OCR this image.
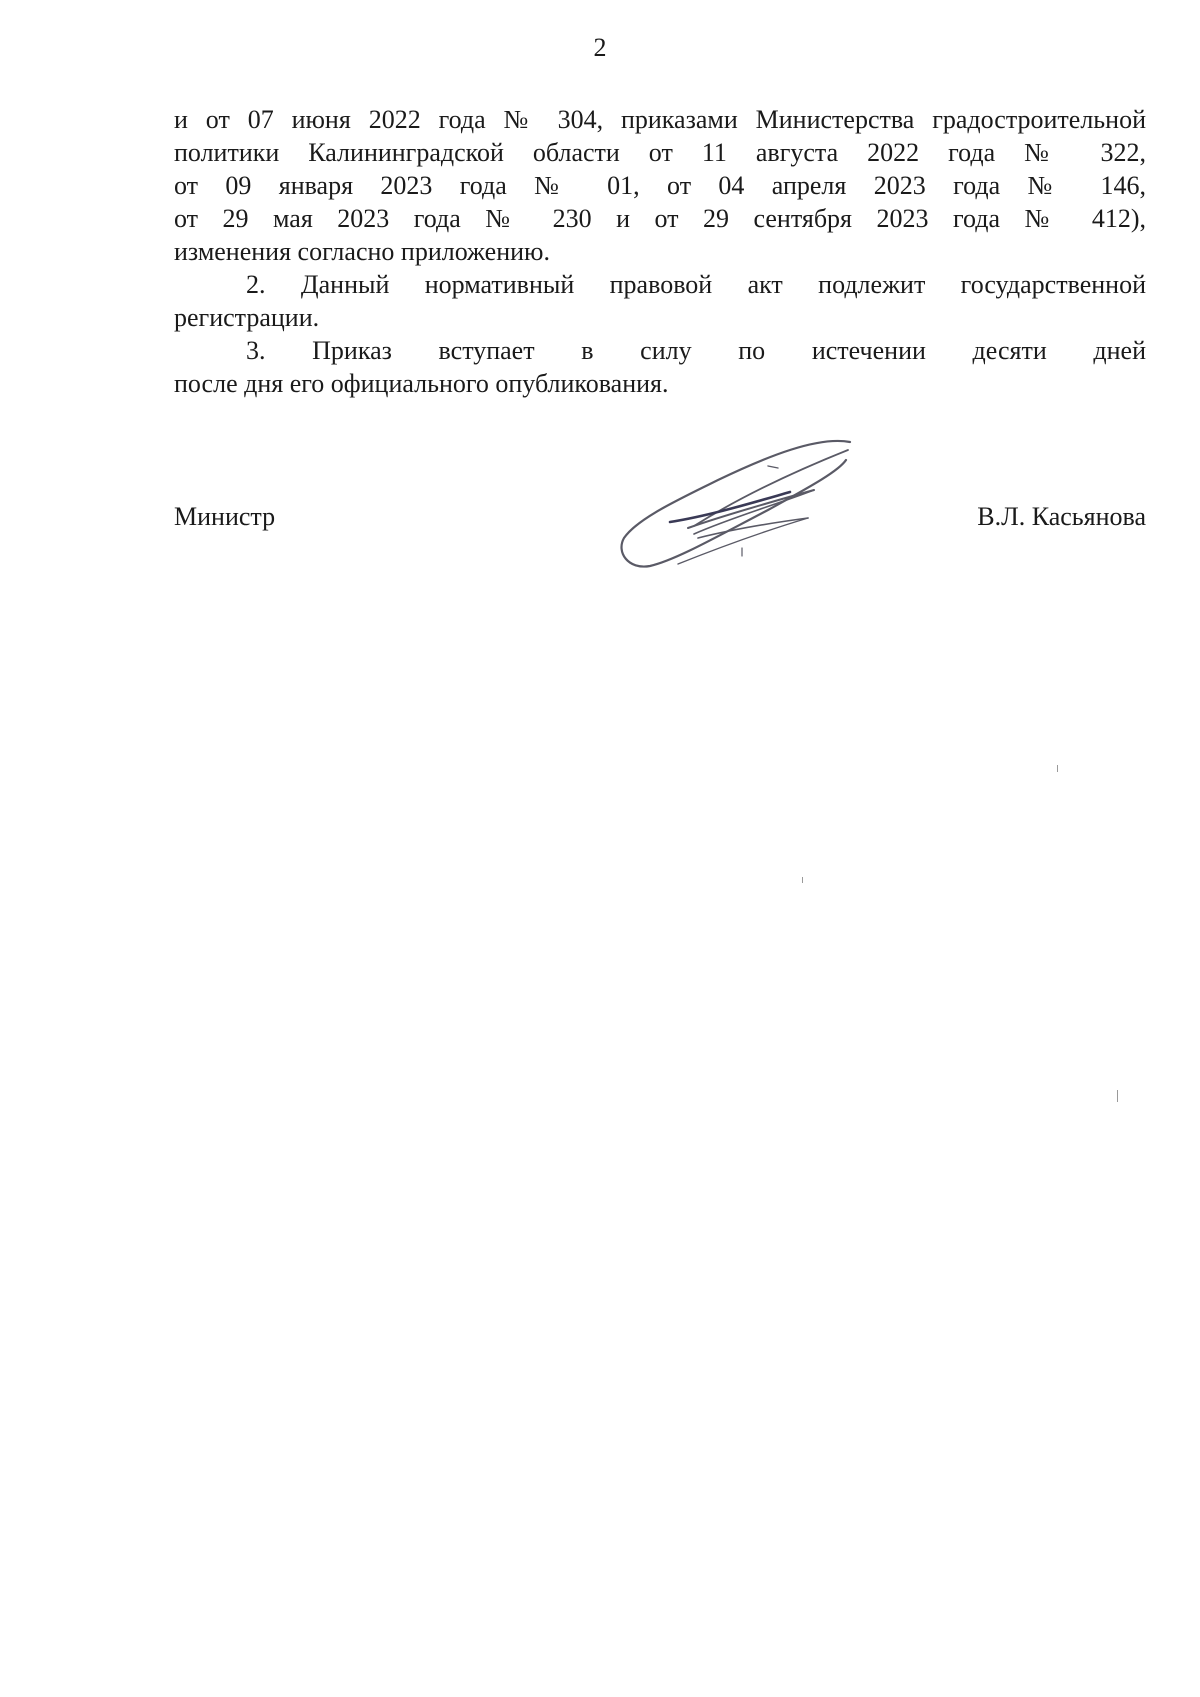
2
и от 07 июня 2022 года № 304, приказами Министерства градостроительной
политики Калининградской области от 11 августа 2022 года № 322,
от 09 января 2023 года № 01, от 04 апреля 2023 года № 146,
от 29 мая 2023 года № 230 и от 29 сентября 2023 года № 412),
изменения согласно приложению.
2. Данный нормативный правовой акт подлежит государственной
регистрации.
3. Приказ вступает в силу по истечении десяти дней
после дня его официального опубликования.
Министр	В.Л. Касьянова
